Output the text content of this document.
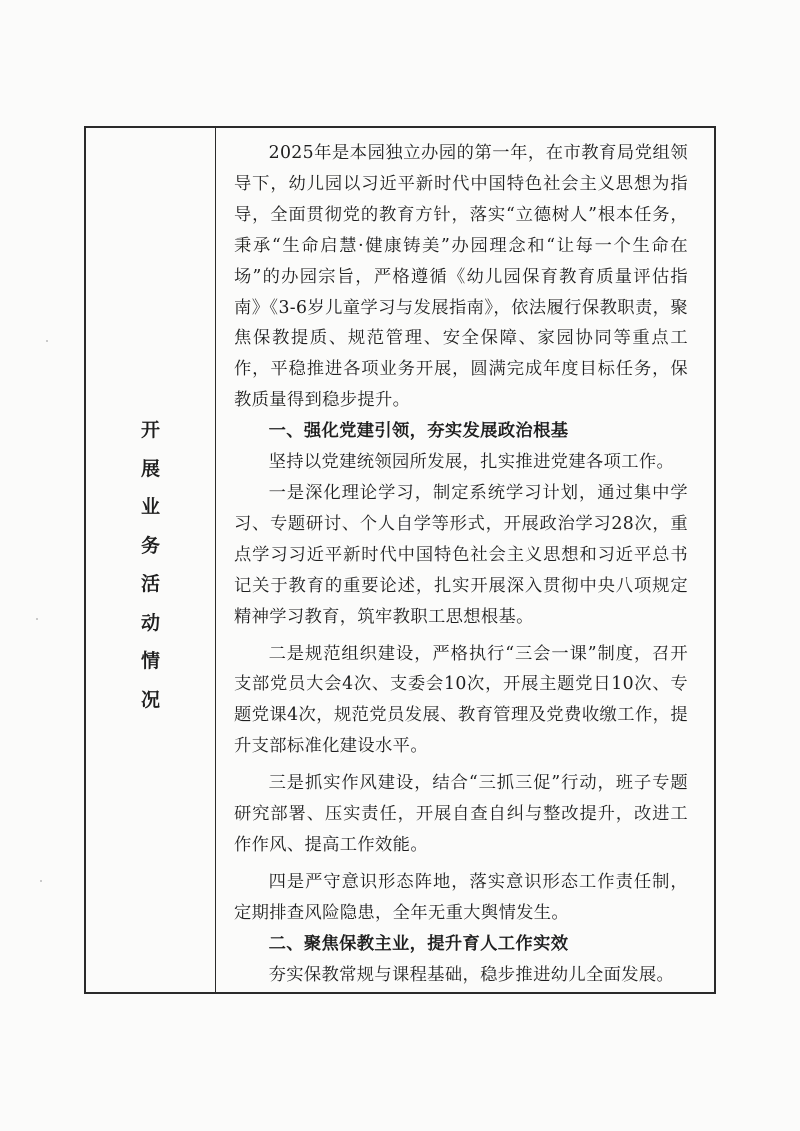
开
展
业
务
活
动
情
况

2025年是本园独立办园的第一年，在市教育局党组领导下，幼儿园以习近平新时代中国特色社会主义思想为指导，全面贯彻党的教育方针，落实“立德树人”根本任务，秉承“生命启慧·健康铸美”办园理念和“让每一个生命在场”的办园宗旨，严格遵循《幼儿园保育教育质量评估指南》《3-6岁儿童学习与发展指南》，依法履行保教职责，聚焦保教提质、规范管理、安全保障、家园协同等重点工作，平稳推进各项业务开展，圆满完成年度目标任务，保教质量得到稳步提升。

一、强化党建引领，夯实发展政治根基

坚持以党建统领园所发展，扎实推进党建各项工作。

一是深化理论学习，制定系统学习计划，通过集中学习、专题研讨、个人自学等形式，开展政治学习28次，重点学习习近平新时代中国特色社会主义思想和习近平总书记关于教育的重要论述，扎实开展深入贯彻中央八项规定精神学习教育，筑牢教职工思想根基。

二是规范组织建设，严格执行“三会一课”制度，召开支部党员大会4次、支委会10次，开展主题党日10次、专题党课4次，规范党员发展、教育管理及党费收缴工作，提升支部标准化建设水平。

三是抓实作风建设，结合“三抓三促”行动，班子专题研究部署、压实责任，开展自查自纠与整改提升，改进工作作风、提高工作效能。

四是严守意识形态阵地，落实意识形态工作责任制，定期排查风险隐患，全年无重大舆情发生。

二、聚焦保教主业，提升育人工作实效

夯实保教常规与课程基础，稳步推进幼儿全面发展。
